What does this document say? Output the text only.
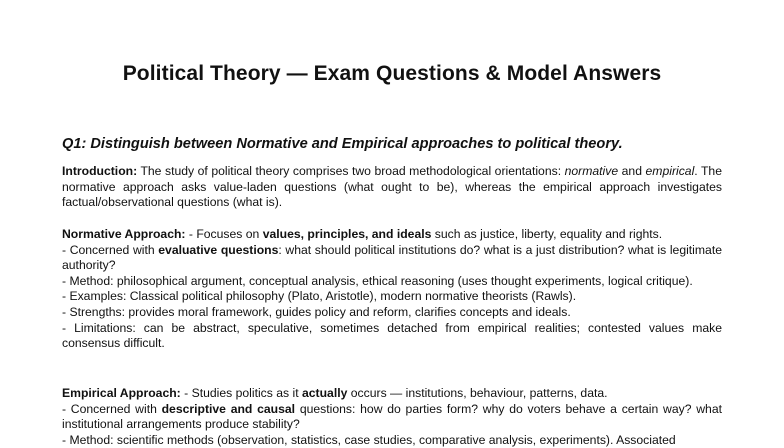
Political Theory — Exam Questions & Model Answers
Q1: Distinguish between Normative and Empirical approaches to political theory.

Introduction: The study of political theory comprises two broad methodological orientations: normative and empirical. The normative approach asks value-laden questions (what ought to be), whereas the empirical approach investigates factual/observational questions (what is).

Normative Approach: - Focuses on values, principles, and ideals such as justice, liberty, equality and rights.

- Concerned with evaluative questions: what should political institutions do? what is a just distribution? what is legitimate authority?

- Method: philosophical argument, conceptual analysis, ethical reasoning (uses thought experiments, logical critique).

- Examples: Classical political philosophy (Plato, Aristotle), modern normative theorists (Rawls).

- Strengths: provides moral framework, guides policy and reform, clarifies concepts and ideals.

- Limitations: can be abstract, speculative, sometimes detached from empirical realities; contested values make consensus difficult.

Empirical Approach: - Studies politics as it actually occurs — institutions, behaviour, patterns, data.

- Concerned with descriptive and causal questions: how do parties form? why do voters behave a certain way? what institutional arrangements produce stability?

- Method: scientific methods (observation, statistics, case studies, comparative analysis, experiments). Associated
